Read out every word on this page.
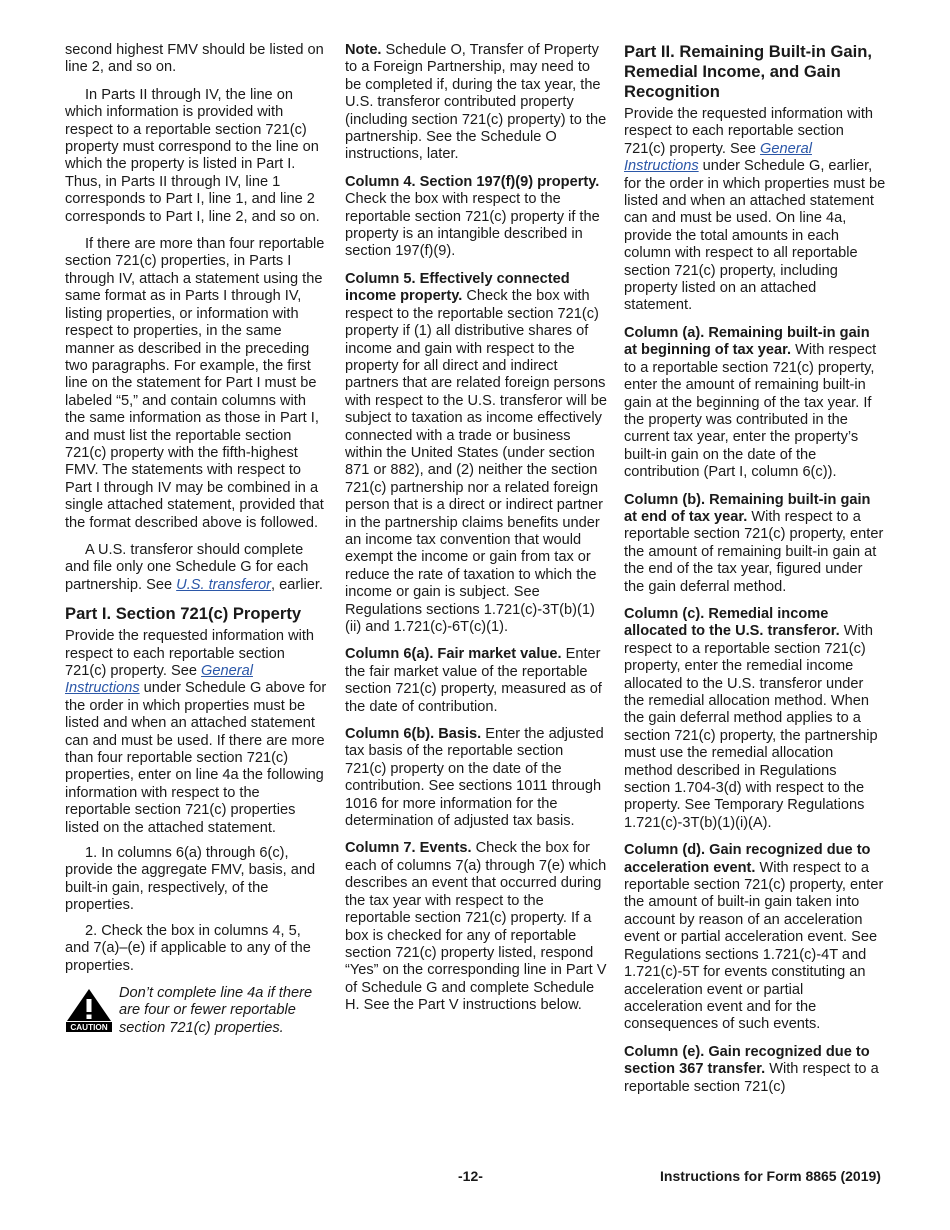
second highest FMV should be listed on line 2, and so on.

In Parts II through IV, the line on which information is provided with respect to a reportable section 721(c) property must correspond to the line on which the property is listed in Part I. Thus, in Parts II through IV, line 1 corresponds to Part I, line 1, and line 2 corresponds to Part I, line 2, and so on.

If there are more than four reportable section 721(c) properties, in Parts I through IV, attach a statement using the same format as in Parts I through IV, listing properties, or information with respect to properties, in the same manner as described in the preceding two paragraphs. For example, the first line on the statement for Part I must be labeled “5,” and contain columns with the same information as those in Part I, and must list the reportable section 721(c) property with the fifth-highest FMV. The statements with respect to Part I through IV may be combined in a single attached statement, provided that the format described above is followed.

A U.S. transferor should complete and file only one Schedule G for each partnership. See U.S. transferor, earlier.

Part I. Section 721(c) Property

Provide the requested information with respect to each reportable section 721(c) property. See General Instructions under Schedule G above for the order in which properties must be listed and when an attached statement can and must be used. If there are more than four reportable section 721(c) properties, enter on line 4a the following information with respect to the reportable section 721(c) properties listed on the attached statement.

1. In columns 6(a) through 6(c), provide the aggregate FMV, basis, and built-in gain, respectively, of the properties.

2. Check the box in columns 4, 5, and 7(a)–(e) if applicable to any of the properties.

CAUTION
Don’t complete line 4a if there are four or fewer reportable section 721(c) properties.

Note. Schedule O, Transfer of Property to a Foreign Partnership, may need to be completed if, during the tax year, the U.S. transferor contributed property (including section 721(c) property) to the partnership. See the Schedule O instructions, later.

Column 4. Section 197(f)(9) property. Check the box with respect to the reportable section 721(c) property if the property is an intangible described in section 197(f)(9).

Column 5. Effectively connected income property. Check the box with respect to the reportable section 721(c) property if (1) all distributive shares of income and gain with respect to the property for all direct and indirect partners that are related foreign persons with respect to the U.S. transferor will be subject to taxation as income effectively connected with a trade or business within the United States (under section 871 or 882), and (2) neither the section 721(c) partnership nor a related foreign person that is a direct or indirect partner in the partnership claims benefits under an income tax convention that would exempt the income or gain from tax or reduce the rate of taxation to which the income or gain is subject. See Regulations sections 1.721(c)-3T(b)(1)(ii) and 1.721(c)-6T(c)(1).

Column 6(a). Fair market value. Enter the fair market value of the reportable section 721(c) property, measured as of the date of contribution.

Column 6(b). Basis. Enter the adjusted tax basis of the reportable section 721(c) property on the date of the contribution. See sections 1011 through 1016 for more information for the determination of adjusted tax basis.

Column 7. Events. Check the box for each of columns 7(a) through 7(e) which describes an event that occurred during the tax year with respect to the reportable section 721(c) property. If a box is checked for any of reportable section 721(c) property listed, respond “Yes” on the corresponding line in Part V of Schedule G and complete Schedule H. See the Part V instructions below.

Part II. Remaining Built-in Gain, Remedial Income, and Gain Recognition

Provide the requested information with respect to each reportable section 721(c) property. See General Instructions under Schedule G, earlier, for the order in which properties must be listed and when an attached statement can and must be used. On line 4a, provide the total amounts in each column with respect to all reportable section 721(c) property, including property listed on an attached statement.

Column (a). Remaining built-in gain at beginning of tax year. With respect to a reportable section 721(c) property, enter the amount of remaining built-in gain at the beginning of the tax year. If the property was contributed in the current tax year, enter the property’s built-in gain on the date of the contribution (Part I, column 6(c)).

Column (b). Remaining built-in gain at end of tax year. With respect to a reportable section 721(c) property, enter the amount of remaining built-in gain at the end of the tax year, figured under the gain deferral method.

Column (c). Remedial income allocated to the U.S. transferor. With respect to a reportable section 721(c) property, enter the remedial income allocated to the U.S. transferor under the remedial allocation method. When the gain deferral method applies to a section 721(c) property, the partnership must use the remedial allocation method described in Regulations section 1.704-3(d) with respect to the property. See Temporary Regulations 1.721(c)-3T(b)(1)(i)(A).

Column (d). Gain recognized due to acceleration event. With respect to a reportable section 721(c) property, enter the amount of built-in gain taken into account by reason of an acceleration event or partial acceleration event. See Regulations sections 1.721(c)-4T and 1.721(c)-5T for events constituting an acceleration event or partial acceleration event and for the consequences of such events.

Column (e). Gain recognized due to section 367 transfer. With respect to a reportable section 721(c)

-12-	Instructions for Form 8865 (2019)
